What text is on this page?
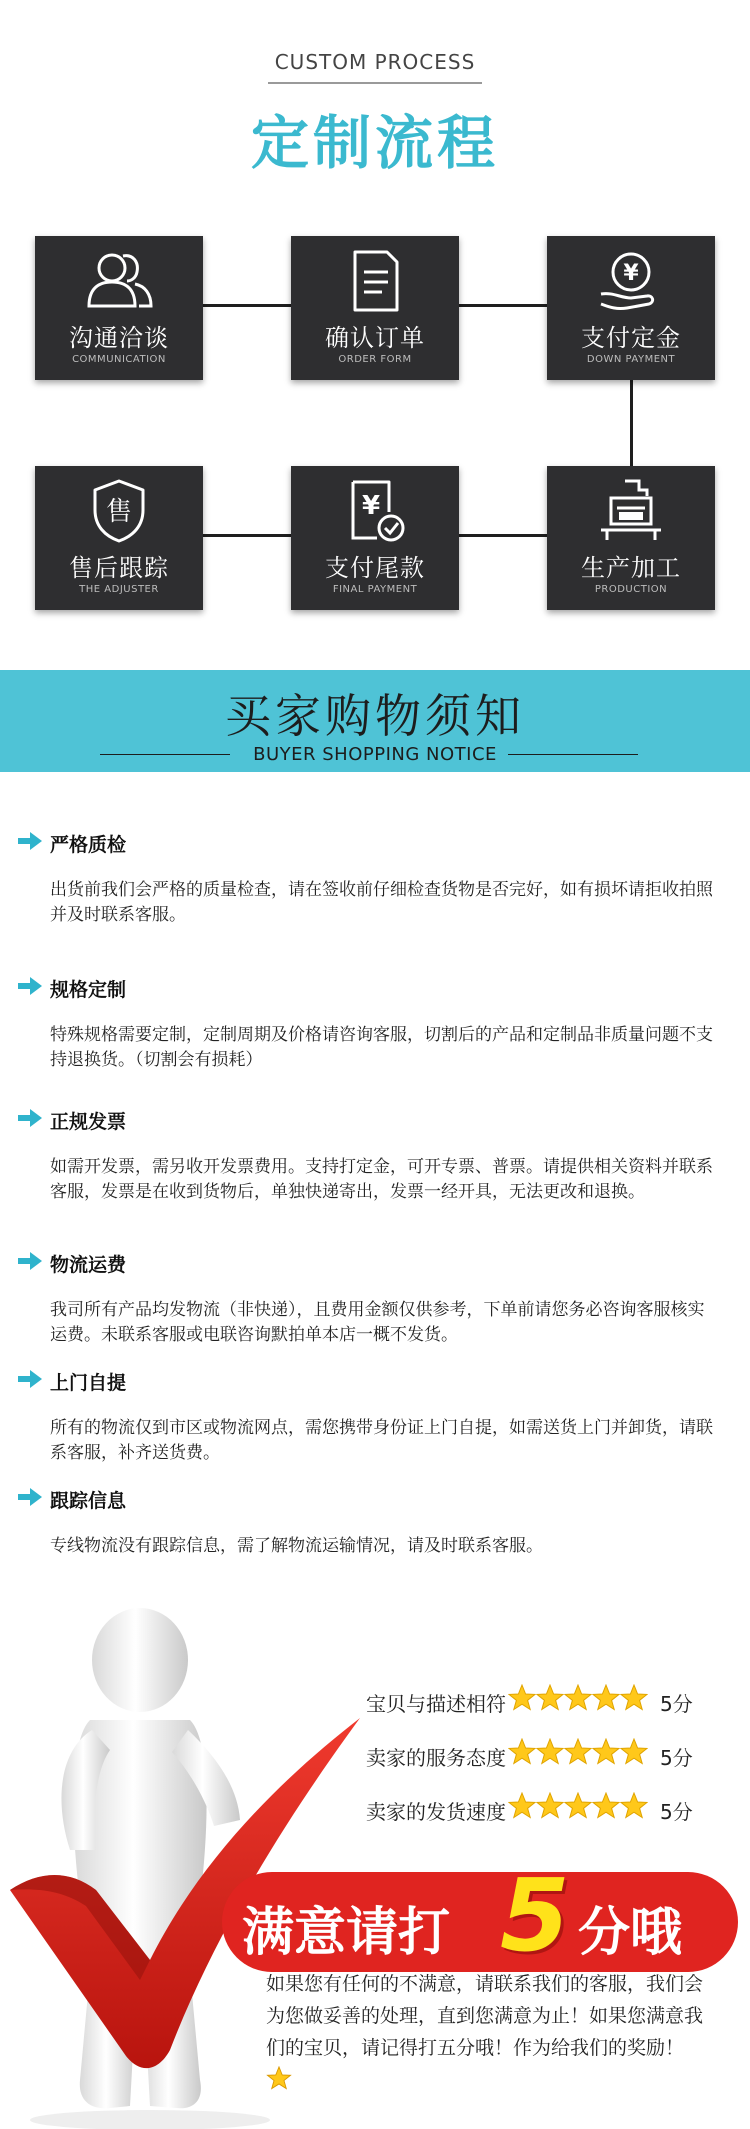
CUSTOM PROCESS
定制流程
沟通洽谈
COMMUNICATION
确认订单
ORDER FORM
¥
支付定金
DOWN PAYMENT
售
售后跟踪
THE ADJUSTER
¥
支付尾款
FINAL PAYMENT
生产加工
PRODUCTION
买家购物须知
BUYER SHOPPING NOTICE
严格质检
出货前我们会严格的质量检查，请在签收前仔细检查货物是否完好，如有损坏请拒收拍照并及时联系客服。
规格定制
特殊规格需要定制，定制周期及价格请咨询客服，切割后的产品和定制品非质量问题不支持退换货。（切割会有损耗）
正规发票
如需开发票，需另收开发票费用。支持打定金，可开专票、普票。请提供相关资料并联系客服，发票是在收到货物后，单独快递寄出，发票一经开具，无法更改和退换。
物流运费
我司所有产品均发物流（非快递），且费用金额仅供参考，下单前请您务必咨询客服核实运费。未联系客服或电联咨询默拍单本店一概不发货。
上门自提
所有的物流仅到市区或物流网点，需您携带身份证上门自提，如需送货上门并卸货，请联系客服，补齐送货费。
跟踪信息
专线物流没有跟踪信息，需了解物流运输情况，请及时联系客服。
宝贝与描述相符	5分
卖家的服务态度	5分
卖家的发货速度	5分
满意请打 5 分哦
如果您有任何的不满意，请联系我们的客服，我们会为您做妥善的处理，直到您满意为止！如果您满意我们的宝贝，请记得打五分哦！作为给我们的奖励！
